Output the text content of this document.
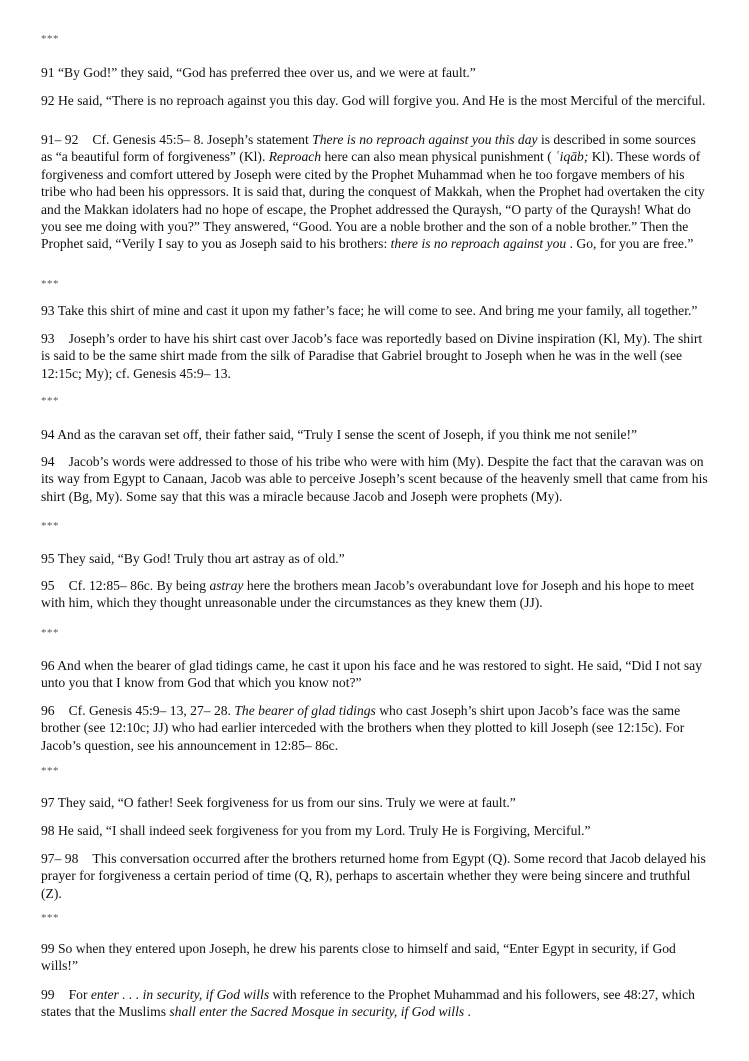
***

91 “By God!” they said, “God has preferred thee over us, and we were at fault.”

92 He said, “There is no reproach against you this day. God will forgive you. And He is the most Merciful of the merciful.

91– 92 Cf. Genesis 45:5– 8. Joseph’s statement There is no reproach against you this day is described in some sources as “a beautiful form of forgiveness” (Kl). Reproach here can also mean physical punishment ( ʿiqāb; Kl). These words of forgiveness and comfort uttered by Joseph were cited by the Prophet Muhammad when he too forgave members of his tribe who had been his oppressors. It is said that, during the conquest of Makkah, when the Prophet had overtaken the city and the Makkan idolaters had no hope of escape, the Prophet addressed the Quraysh, “O party of the Quraysh! What do you see me doing with you?” They answered, “Good. You are a noble brother and the son of a noble brother.” Then the Prophet said, “Verily I say to you as Joseph said to his brothers: there is no reproach against you . Go, for you are free.”

***

93 Take this shirt of mine and cast it upon my father’s face; he will come to see. And bring me your family, all together.”

93 Joseph’s order to have his shirt cast over Jacob’s face was reportedly based on Divine inspiration (Kl, My). The shirt is said to be the same shirt made from the silk of Paradise that Gabriel brought to Joseph when he was in the well (see 12:15c; My); cf. Genesis 45:9– 13.

***

94 And as the caravan set off, their father said, “Truly I sense the scent of Joseph, if you think me not senile!”

94 Jacob’s words were addressed to those of his tribe who were with him (My). Despite the fact that the caravan was on its way from Egypt to Canaan, Jacob was able to perceive Joseph’s scent because of the heavenly smell that came from his shirt (Bg, My). Some say that this was a miracle because Jacob and Joseph were prophets (My).

***

95 They said, “By God! Truly thou art astray as of old.”

95 Cf. 12:85– 86c. By being astray here the brothers mean Jacob’s overabundant love for Joseph and his hope to meet with him, which they thought unreasonable under the circumstances as they knew them (JJ).

***

96 And when the bearer of glad tidings came, he cast it upon his face and he was restored to sight. He said, “Did I not say unto you that I know from God that which you know not?”

96 Cf. Genesis 45:9– 13, 27– 28. The bearer of glad tidings who cast Joseph’s shirt upon Jacob’s face was the same brother (see 12:10c; JJ) who had earlier interceded with the brothers when they plotted to kill Joseph (see 12:15c). For Jacob’s question, see his announcement in 12:85– 86c.

***

97 They said, “O father! Seek forgiveness for us from our sins. Truly we were at fault.”

98 He said, “I shall indeed seek forgiveness for you from my Lord. Truly He is Forgiving, Merciful.”

97– 98 This conversation occurred after the brothers returned home from Egypt (Q). Some record that Jacob delayed his prayer for forgiveness a certain period of time (Q, R), perhaps to ascertain whether they were being sincere and truthful (Z).

***

99 So when they entered upon Joseph, he drew his parents close to himself and said, “Enter Egypt in security, if God wills!”

99 For enter . . . in security, if God wills with reference to the Prophet Muhammad and his followers, see 48:27, which states that the Muslims shall enter the Sacred Mosque in security, if God wills .
